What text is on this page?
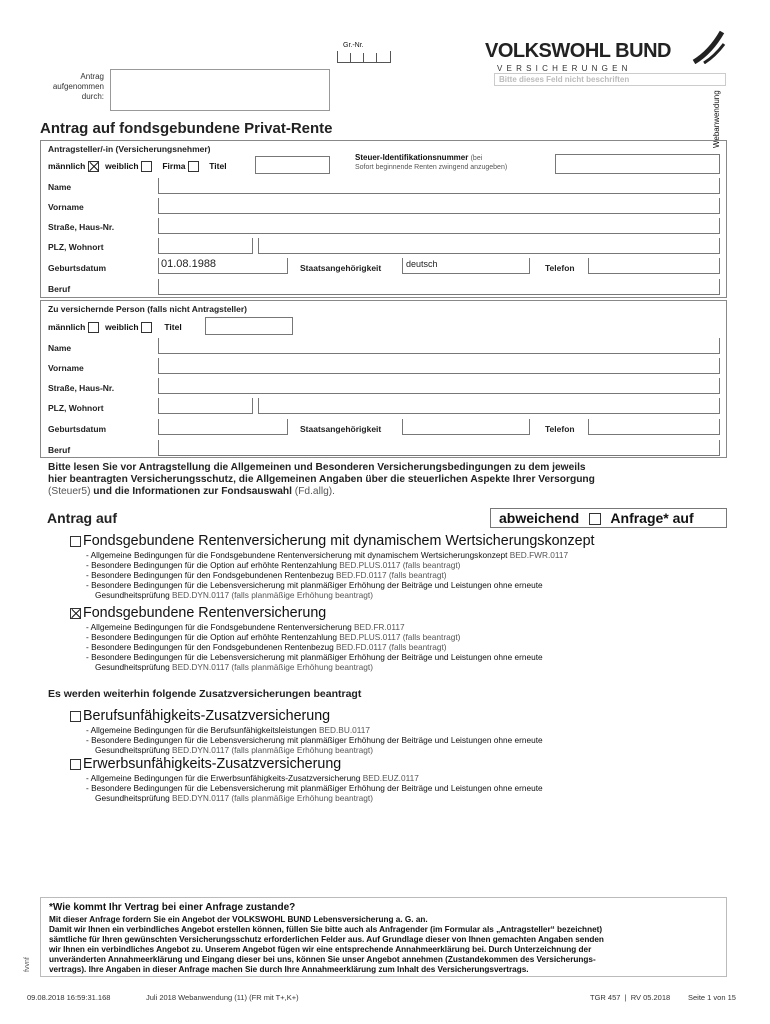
Gr.-Nr.	VOLKSWOHL BUND
V E R S I C H E R U N G E N
Bitte dieses Feld nicht beschriften
Webanwendung
Antrag
aufgenommen
durch:
Antrag auf fondsgebundene Privat-Rente
Antragsteller/-in (Versicherungsnehmer)
männlich weiblich	Firma	Titel
Steuer-Identifikationsnummer (bei
Sofort beginnende Renten zwingend anzugeben)
Name
Vorname
Straße, Haus-Nr.
PLZ, Wohnort
Geburtsdatum	01.08.1988	Staatsangehörigkeit	deutsch	Telefon
Beruf
Zu versichernde Person (falls nicht Antragsteller)
männlich weiblich	Titel
Name
Vorname
Straße, Haus-Nr.
PLZ, Wohnort
Geburtsdatum	Staatsangehörigkeit	Telefon
Beruf
Bitte lesen Sie vor Antragstellung die Allgemeinen und Besonderen Versicherungsbedingungen zu dem jeweils
hier beantragten Versicherungsschutz, die Allgemeinen Angaben über die steuerlichen Aspekte Ihrer Versorgung
(Steuer5) und die Informationen zur Fondsauswahl (Fd.allg).
Antrag auf	abweichend Anfrage* auf
Fondsgebundene Rentenversicherung mit dynamischem Wertsicherungskonzept
- Allgemeine Bedingungen für die Fondsgebundene Rentenversicherung mit dynamischem Wertsicherungskonzept BED.FWR.0117
- Besondere Bedingungen für die Option auf erhöhte Rentenzahlung BED.PLUS.0117 (falls beantragt)
- Besondere Bedingungen für den Fondsgebundenen Rentenbezug BED.FD.0117 (falls beantragt)
- Besondere Bedingungen für die Lebensversicherung mit planmäßiger Erhöhung der Beiträge und Leistungen ohne erneute
Gesundheitsprüfung BED.DYN.0117 (falls planmäßige Erhöhung beantragt)
Fondsgebundene Rentenversicherung
- Allgemeine Bedingungen für die Fondsgebundene Rentenversicherung BED.FR.0117
- Besondere Bedingungen für die Option auf erhöhte Rentenzahlung BED.PLUS.0117 (falls beantragt)
- Besondere Bedingungen für den Fondsgebundenen Rentenbezug BED.FD.0117 (falls beantragt)
- Besondere Bedingungen für die Lebensversicherung mit planmäßiger Erhöhung der Beiträge und Leistungen ohne erneute
Gesundheitsprüfung BED.DYN.0117 (falls planmäßige Erhöhung beantragt)
Es werden weiterhin folgende Zusatzversicherungen beantragt
Berufsunfähigkeits-Zusatzversicherung
- Allgemeine Bedingungen für die Berufsunfähigkeitsleistungen BED.BU.0117
- Besondere Bedingungen für die Lebensversicherung mit planmäßiger Erhöhung der Beiträge und Leistungen ohne erneute
Gesundheitsprüfung BED.DYN.0117 (falls planmäßige Erhöhung beantragt)
Erwerbsunfähigkeits-Zusatzversicherung
- Allgemeine Bedingungen für die Erwerbsunfähigkeits-Zusatzversicherung BED.EUZ.0117
- Besondere Bedingungen für die Lebensversicherung mit planmäßiger Erhöhung der Beiträge und Leistungen ohne erneute
Gesundheitsprüfung BED.DYN.0117 (falls planmäßige Erhöhung beantragt)
*Wie kommt Ihr Vertrag bei einer Anfrage zustande?
Mit dieser Anfrage fordern Sie ein Angebot der VOLKSWOHL BUND Lebensversicherung a. G. an.
Damit wir Ihnen ein verbindliches Angebot erstellen können, füllen Sie bitte auch als Anfragender (im Formular als „Antragsteller“ bezeichnet)
sämtliche für Ihren gewünschten Versicherungsschutz erforderlichen Felder aus. Auf Grundlage dieser von Ihnen gemachten Angaben senden
wir Ihnen ein verbindliches Angebot zu. Unserem Angebot fügen wir eine entsprechende Annahmeerklärung bei. Durch Unterzeichnung der
unveränderten Annahmeerklärung und Eingang dieser bei uns, können Sie unser Angebot annehmen (Zustandekommen des Versicherungs-
vertrags). Ihre Angaben in dieser Anfrage machen Sie durch Ihre Annahmeerklärung zum Inhalt des Versicherungsvertrags.
fvvnf
09.08.2018 16:59:31.168	Juli 2018 Webanwendung (11) (FR mit T+,K+)	TGR 457  |  RV 05.2018 Seite 1 von 15
